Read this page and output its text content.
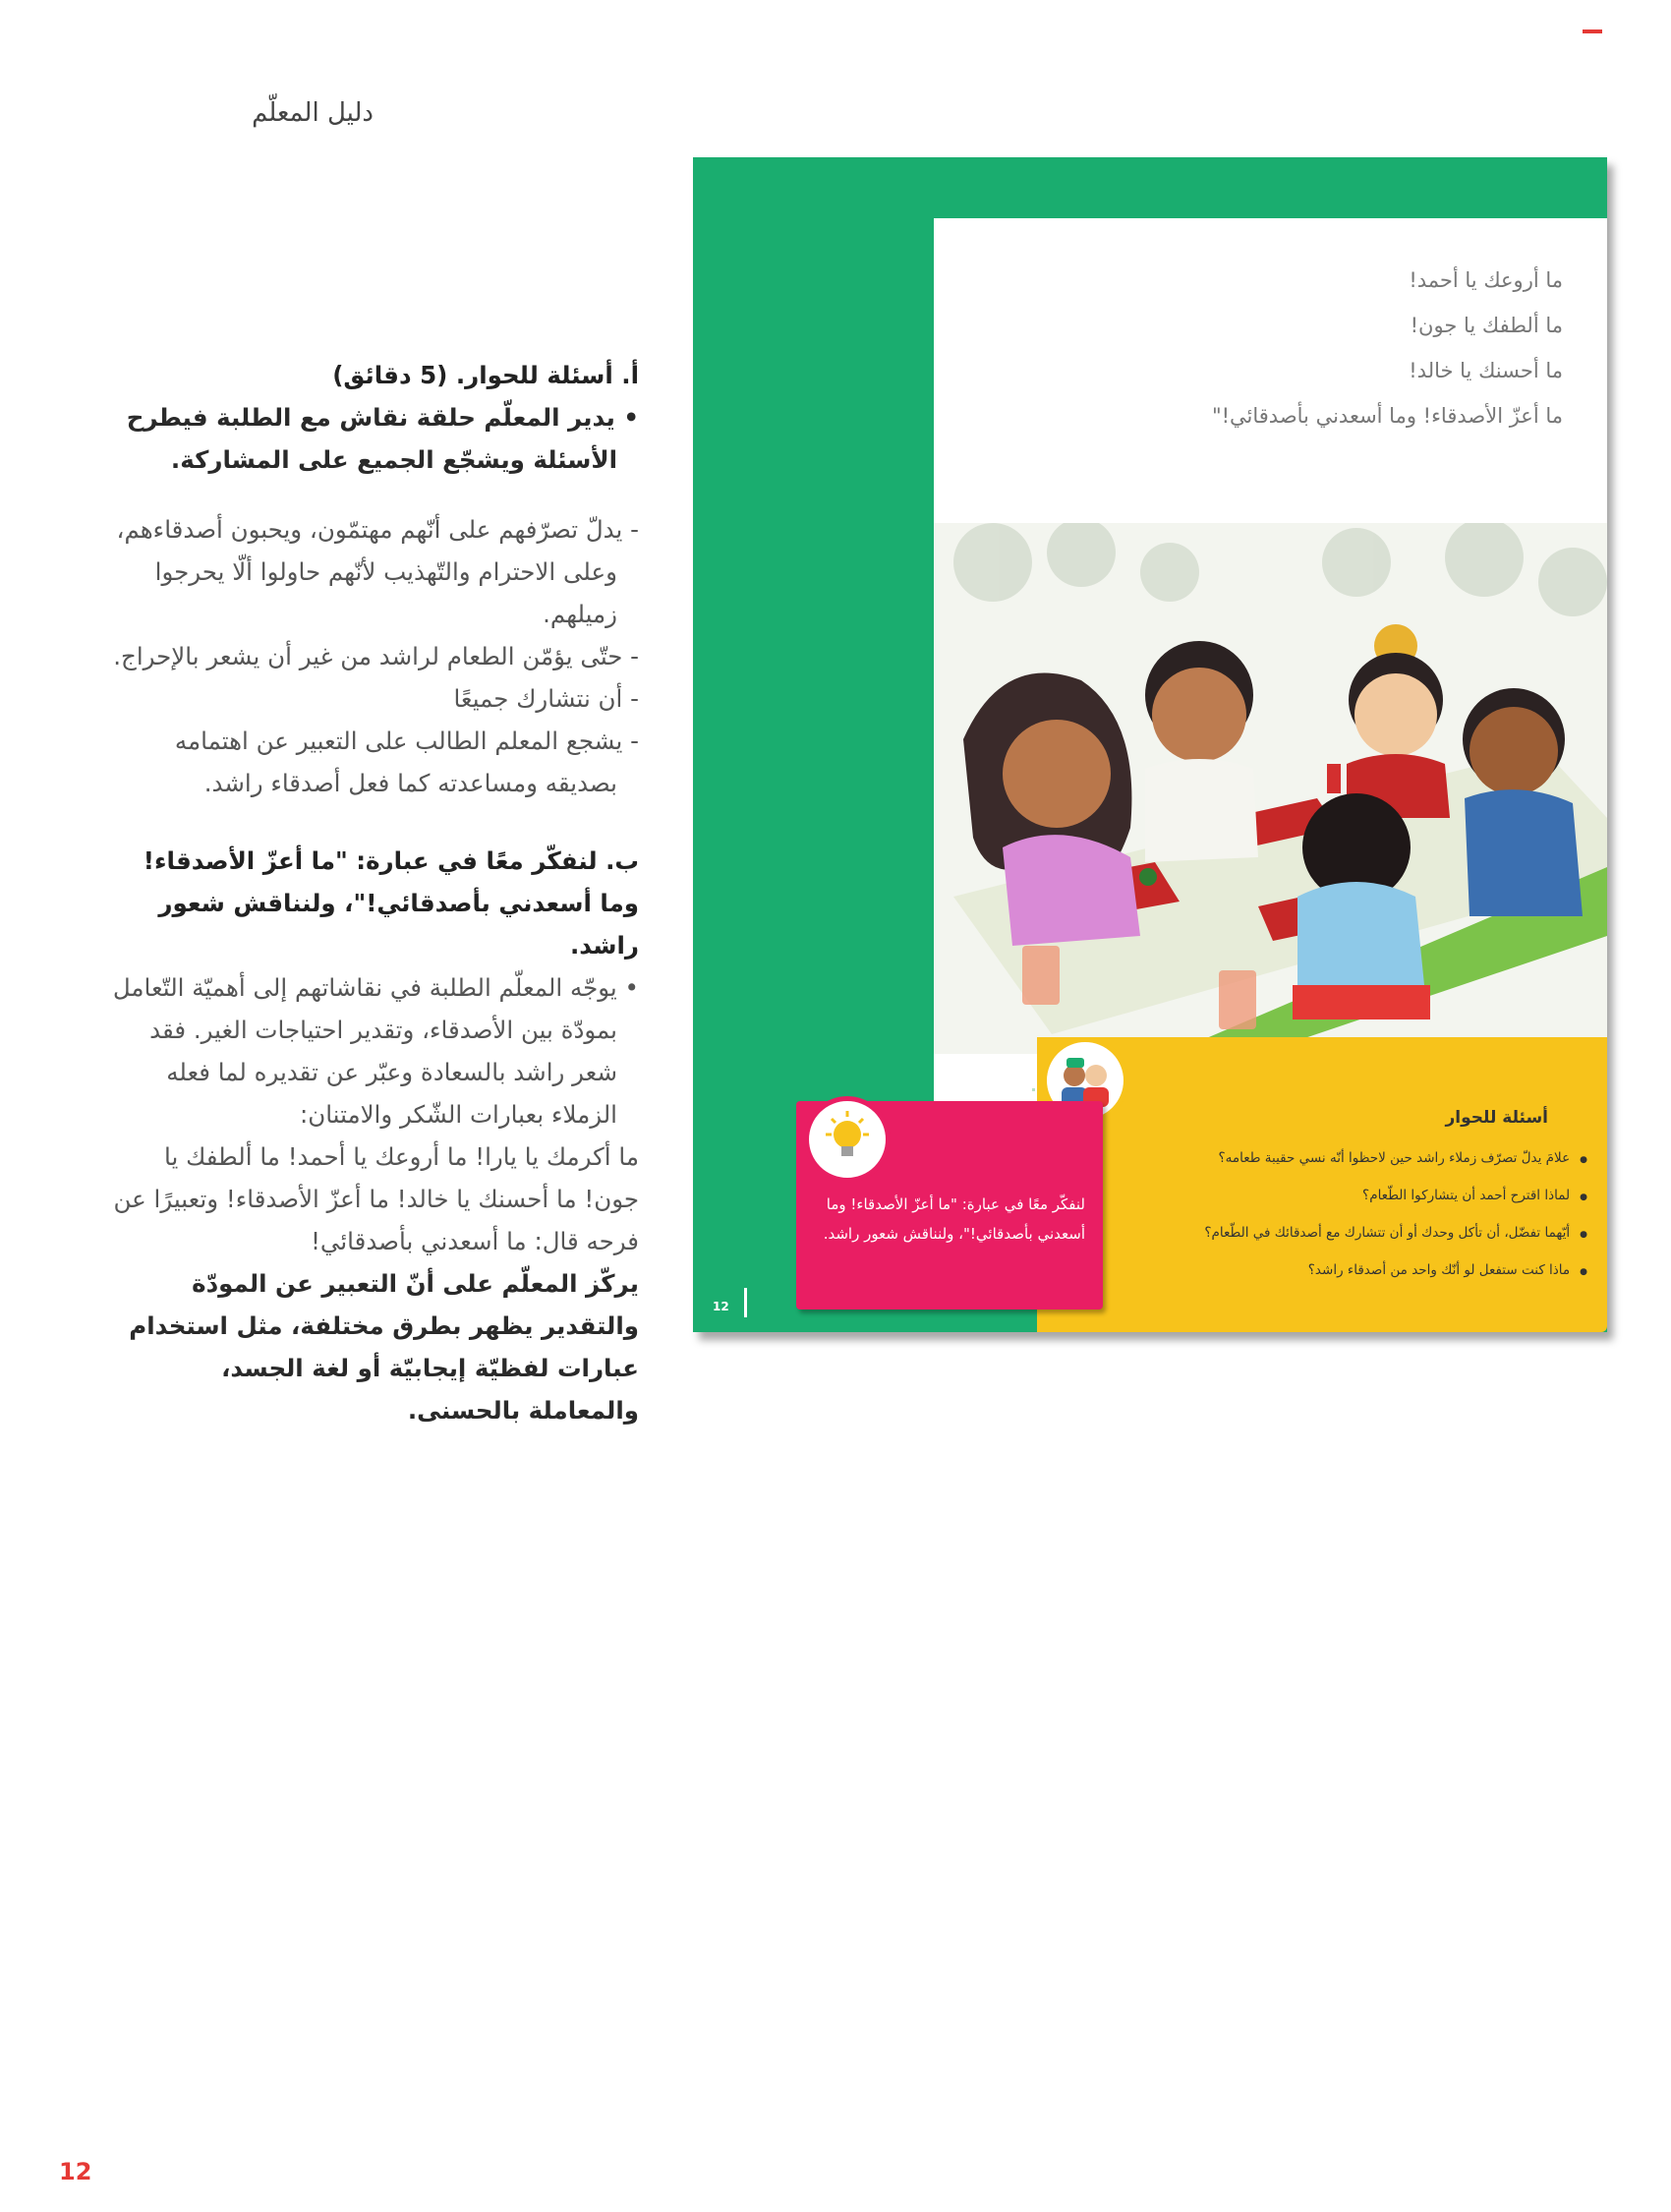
دليل المعلّم

أ. أسئلة للحوار. (5 دقائق)

• يدير المعلّم حلقة نقاش مع الطلبة فيطرح الأسئلة ويشجّع الجميع على المشاركة.

- يدلّ تصرّفهم على أنّهم مهتمّون، ويحبون أصدقاءهم، وعلى الاحترام والتّهذيب لأنّهم حاولوا ألّا يحرجوا زميلهم.

- حتّى يؤمّن الطعام لراشد من غير أن يشعر بالإحراج.

- أن نتشارك جميعًا

- يشجع المعلم الطالب على التعبير عن اهتمامه بصديقه ومساعدته كما فعل أصدقاء راشد.

ب. لنفكّر معًا في عبارة: "ما أعزّ الأصدقاء! وما أسعدني بأصدقائي!"، ولنناقش شعور راشد.

• يوجّه المعلّم الطلبة في نقاشاتهم إلى أهميّة التّعامل بمودّة بين الأصدقاء، وتقدير احتياجات الغير. فقد شعر راشد بالسعادة وعبّر عن تقديره لما فعله الزملاء بعبارات الشّكر والامتنان:

ما أكرمك يا يارا! ما أروعك يا أحمد! ما ألطفك يا جون! ما أحسنك يا خالد! ما أعزّ الأصدقاء! وتعبيرًا عن فرحه قال: ما أسعدني بأصدقائي!

يركّز المعلّم على أنّ التعبير عن المودّة والتقدير يظهر بطرق مختلفة، مثل استخدام عبارات لفظيّة إيجابيّة أو لغة الجسد، والمعاملة بالحسنى.

ما أروعك يا أحمد!

ما ألطفك يا جون!

ما أحسنك يا خالد!

ما أعزّ الأصدقاء! وما أسعدني بأصدقائي!"

أسئلة للحوار
● علامَ يدلّ تصرّف زملاء راشد حين لاحظوا أنّه نسي حقيبة طعامه؟
● لماذا اقترح أحمد أن يتشاركوا الطّعام؟
● أيّهما تفضّل، أن تأكل وحدك أو أن تتشارك مع أصدقائك في الطّعام؟
● ماذا كنت ستفعل لو أنّك واحد من أصدقاء راشد؟
لنفكّر معًا في عبارة: "ما أعزّ الأصدقاء! وما أسعدني بأصدقائي!"، ولنناقش شعور راشد.
12
12
